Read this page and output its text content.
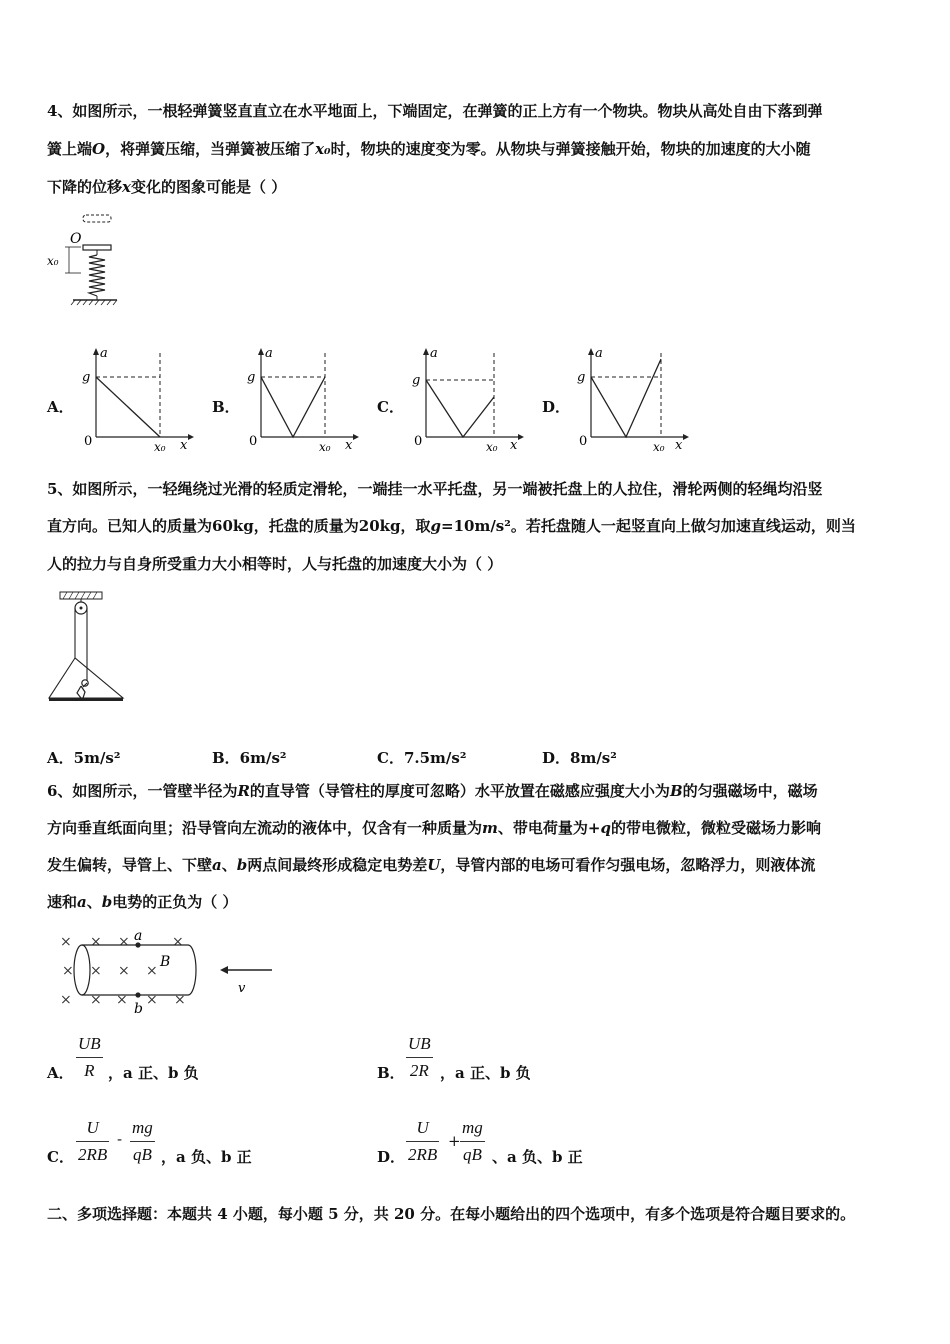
4、如图所示，一根轻弹簧竖直直立在水平地面上，下端固定，在弹簧的正上方有一个物块。物块从高处自由下落到弹
簧上端O，将弹簧压缩，当弹簧被压缩了x₀时，物块的速度变为零。从物块与弹簧接触开始，物块的加速度的大小随
下降的位移x变化的图象可能是（ ）
O
x₀
A．	B．	C．	D．
a
g
0	x₀ x
a
g
0	x₀ x
a
g
0	x₀ x
a
g
0	x₀ x
5、如图所示，一轻绳绕过光滑的轻质定滑轮，一端挂一水平托盘，另一端被托盘上的人拉住，滑轮两侧的轻绳均沿竖
直方向。已知人的质量为60kg，托盘的质量为20kg，取g=10m/s²。若托盘随人一起竖直向上做匀加速直线运动，则当
人的拉力与自身所受重力大小相等时，人与托盘的加速度大小为（ ）
A．5m/s²	B．6m/s²	C．7.5m/s²	D．8m/s²
6、如图所示，一管壁半径为R的直导管（导管柱的厚度可忽略）水平放置在磁感应强度大小为B的匀强磁场中，磁场
方向垂直纸面向里；沿导管向左流动的液体中，仅含有一种质量为m、带电荷量为+q的带电微粒，微粒受磁场力影响
发生偏转，导管上、下壁a、b两点间最终形成稳定电势差U，导管内部的电场可看作匀强电场，忽略浮力，则液体流
速和a、b电势的正负为（ ）
× × ×	×
× × × ×
× × × × ×
a
b
B
v
A．
UB
R ，a 正、b 负	B．
UB
2R ，a 正、b 负
C．
U
2RB
-
mg
qB ，a 负、b 正	D．
U
2RB
+
mg
qB 、a 负、b 正
二、多项选择题：本题共 4 小题，每小题 5 分，共 20 分。在每小题给出的四个选项中，有多个选项是符合题目要求的。
